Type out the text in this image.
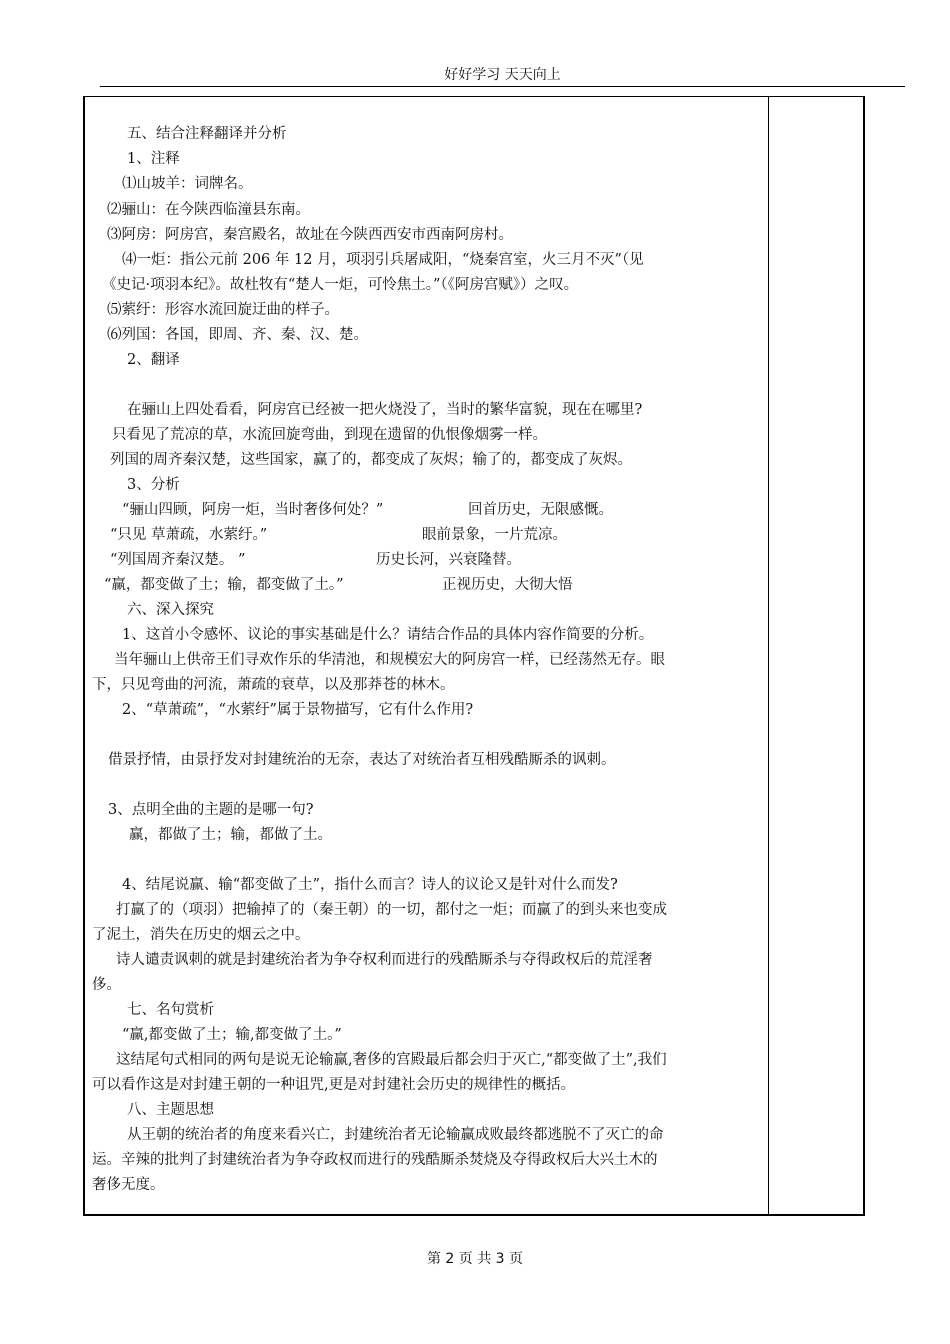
好好学习 天天向上
五、结合注释翻译并分析
1、注释
⑴山坡羊：词牌名。
⑵骊山：在今陕西临潼县东南。
⑶阿房：阿房宫，秦宫殿名，故址在今陕西西安市西南阿房村。
⑷一炬：指公元前 206 年 12 月，项羽引兵屠咸阳，“烧秦宫室，火三月不灭”（见
《史记·项羽本纪》。故杜牧有“楚人一炬，可怜焦土。”（《阿房宫赋》）之叹。
⑸萦纡：形容水流回旋迂曲的样子。
⑹列国：各国，即周、齐、秦、汉、楚。
2、翻译
在骊山上四处看看，阿房宫已经被一把火烧没了，当时的繁华富貌，现在在哪里?
只看见了荒凉的草，水流回旋弯曲，到现在遗留的仇恨像烟雾一样。
列国的周齐秦汉楚，这些国家，赢了的，都变成了灰烬；输了的，都变成了灰烬。
3、分析
“骊山四顾，阿房一炬，当时奢侈何处？”	回首历史，无限感慨。
“只见 草萧疏，水萦纡。”	眼前景象，一片荒凉。
“列国周齐秦汉楚。 ”	历史长河，兴衰隆替。
“赢，都变做了土；输，都变做了土。”	正视历史，大彻大悟
六、深入探究
1、这首小令感怀、议论的事实基础是什么？请结合作品的具体内容作简要的分析。
当年骊山上供帝王们寻欢作乐的华清池，和规模宏大的阿房宫一样，已经荡然无存。眼
下，只见弯曲的河流，萧疏的衰草，以及那莽苍的林木。
2、“草萧疏”，“水萦纡”属于景物描写，它有什么作用?
借景抒情，由景抒发对封建统治的无奈，表达了对统治者互相残酷厮杀的讽刺。
3、点明全曲的主题的是哪一句?
赢，都做了土；输，都做了土。
4、结尾说赢、输“都变做了土”，指什么而言？诗人的议论又是针对什么而发?
打赢了的（项羽）把输掉了的（秦王朝）的一切，都付之一炬；而赢了的到头来也变成
了泥土，消失在历史的烟云之中。
诗人谴责讽刺的就是封建统治者为争夺权利而进行的残酷厮杀与夺得政权后的荒淫奢
侈。
七、名句赏析
“赢,都变做了土；输,都变做了土。”
这结尾句式相同的两句是说无论输赢,奢侈的宫殿最后都会归于灭亡,“都变做了土”,我们
可以看作这是对封建王朝的一种诅咒,更是对封建社会历史的规律性的概括。
八、主题思想
从王朝的统治者的角度来看兴亡，封建统治者无论输赢成败最终都逃脱不了灭亡的命
运。辛辣的批判了封建统治者为争夺政权而进行的残酷厮杀焚烧及夺得政权后大兴土木的
奢侈无度。
第 2 页 共 3 页
